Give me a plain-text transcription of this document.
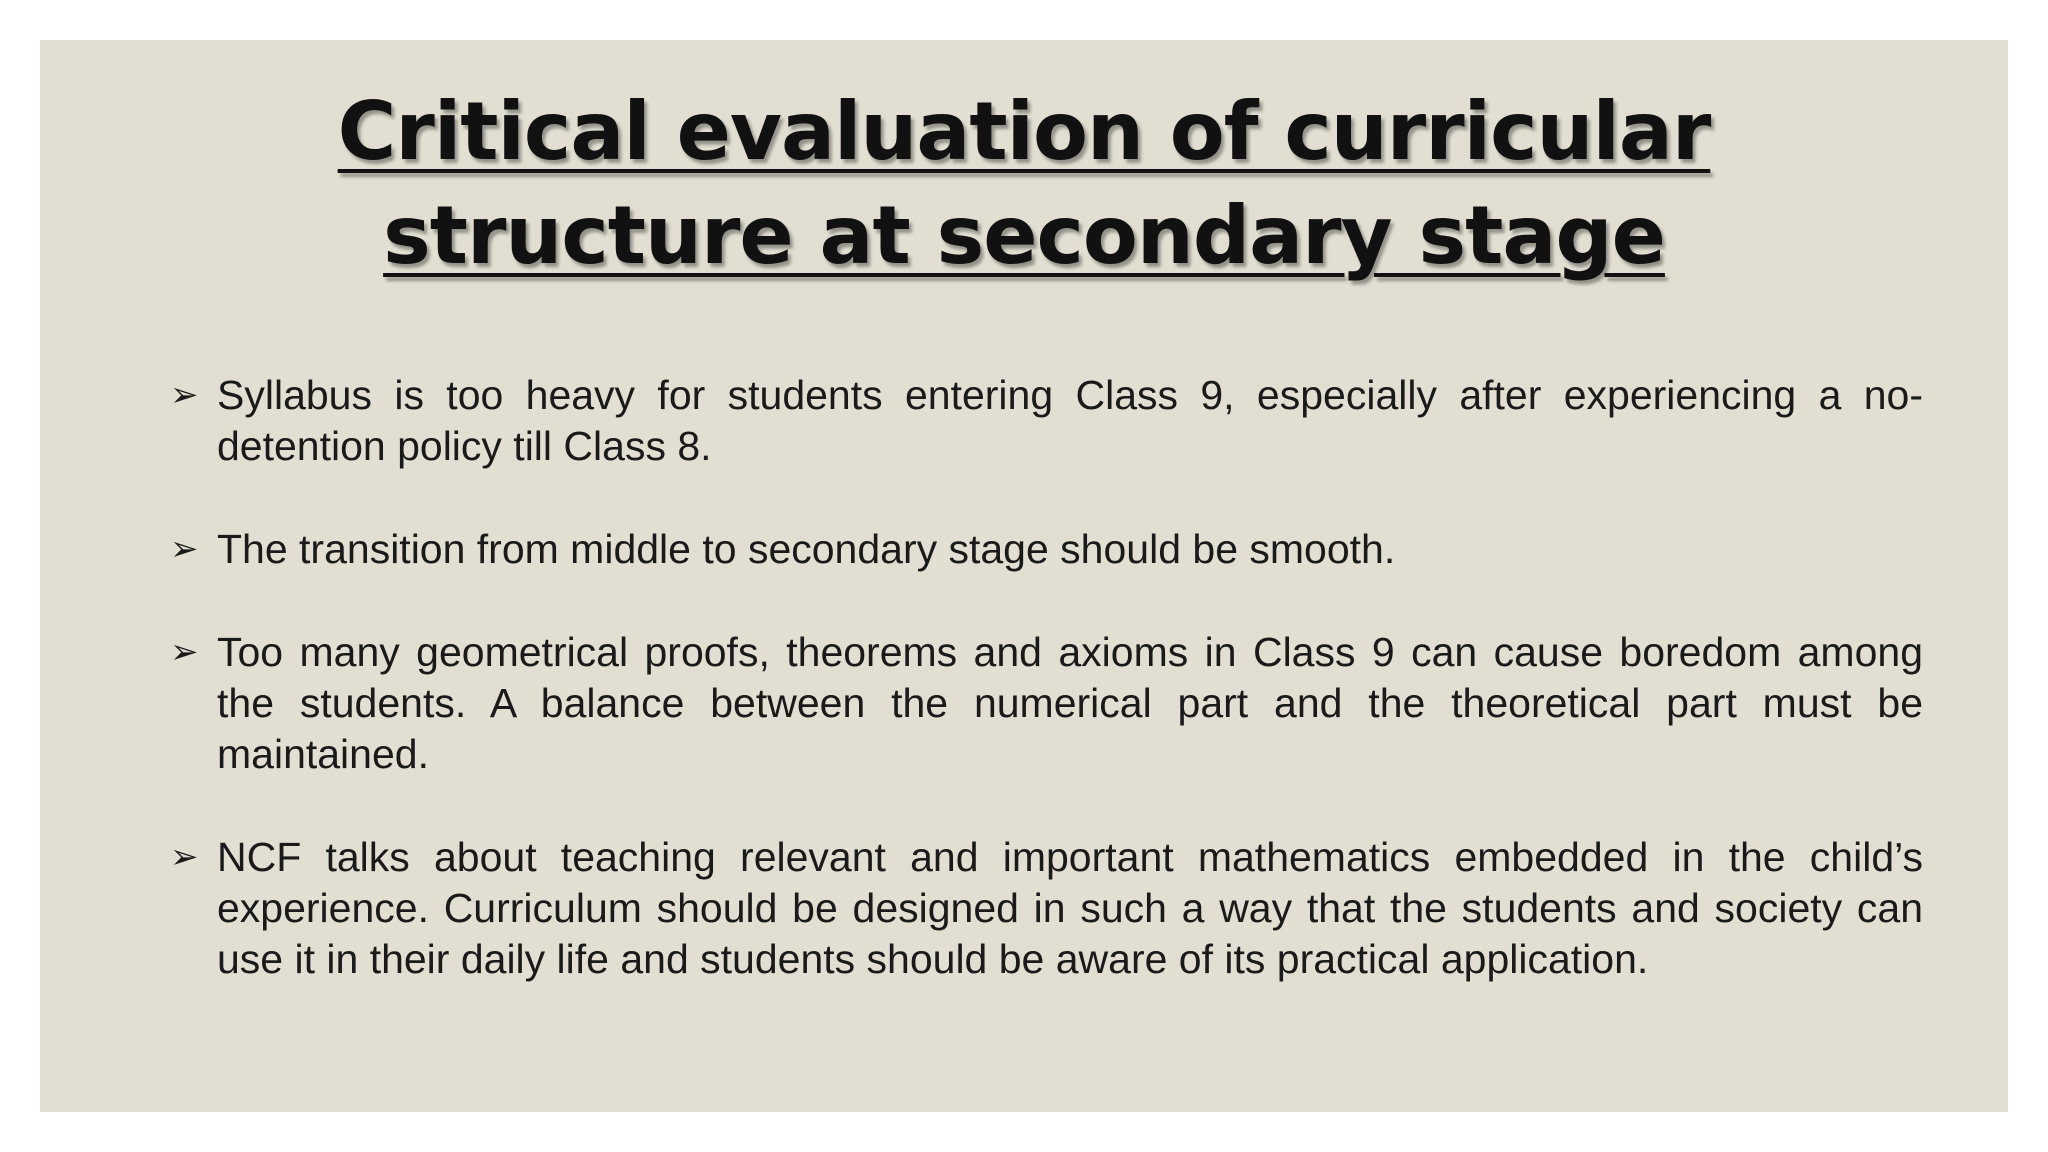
Critical evaluation of curricular
structure at secondary stage
➢ Syllabus is too heavy for students entering Class 9, especially after experiencing a no-detention policy till Class 8.
➢ The transition from middle to secondary stage should be smooth.
➢ Too many geometrical proofs, theorems and axioms in Class 9 can cause boredom among the students. A balance between the numerical part and the theoretical part must be maintained.
➢ NCF talks about teaching relevant and important mathematics embedded in the child’s experience. Curriculum should be designed in such a way that the students and society can use it in their daily life and students should be aware of its practical application.
